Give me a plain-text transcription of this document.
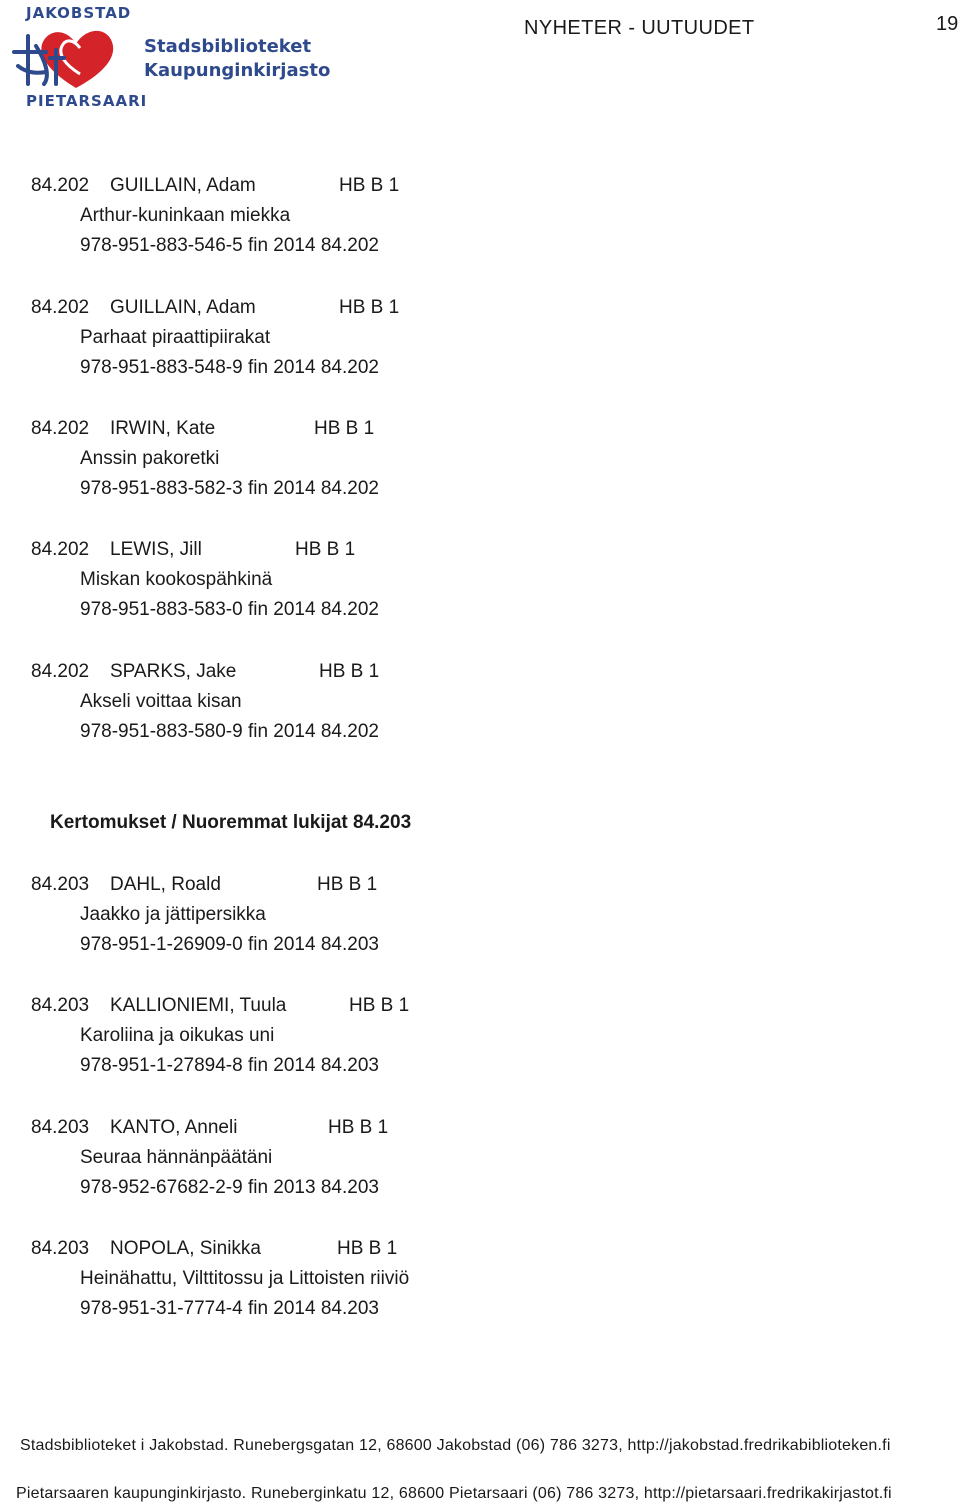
JAKOBSTAD
Stadsbiblioteket
Kaupunginkirjasto
PIETARSAARI
NYHETER - UUTUUDET	19
84.202 GUILLAIN, Adam	HB B 1
Arthur-kuninkaan miekka
978-951-883-546-5 fin 2014 84.202
84.202 GUILLAIN, Adam	HB B 1
Parhaat piraattipiirakat
978-951-883-548-9 fin 2014 84.202
84.202 IRWIN, Kate	HB B 1
Anssin pakoretki
978-951-883-582-3 fin 2014 84.202
84.202 LEWIS, Jill	HB B 1
Miskan kookospähkinä
978-951-883-583-0 fin 2014 84.202
84.202 SPARKS, Jake	HB B 1
Akseli voittaa kisan
978-951-883-580-9 fin 2014 84.202
Kertomukset / Nuoremmat lukijat 84.203
84.203 DAHL, Roald	HB B 1
Jaakko ja jättipersikka
978-951-1-26909-0 fin 2014 84.203
84.203 KALLIONIEMI, Tuula	HB B 1
Karoliina ja oikukas uni
978-951-1-27894-8 fin 2014 84.203
84.203 KANTO, Anneli	HB B 1
Seuraa hännänpäätäni
978-952-67682-2-9 fin 2013 84.203
84.203 NOPOLA, Sinikka	HB B 1
Heinähattu, Vilttitossu ja Littoisten riiviö
978-951-31-7774-4 fin 2014 84.203
Stadsbiblioteket i Jakobstad. Runebergsgatan 12, 68600 Jakobstad (06) 786 3273, http://jakobstad.fredrikabiblioteken.fi
Pietarsaaren kaupunginkirjasto. Runeberginkatu 12, 68600 Pietarsaari (06) 786 3273, http://pietarsaari.fredrikakirjastot.fi
